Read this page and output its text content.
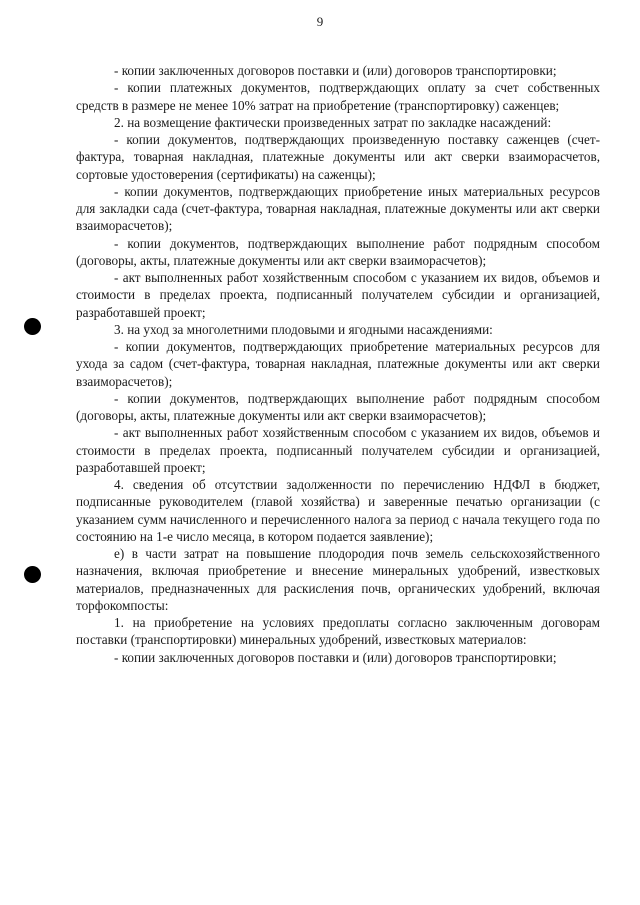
9

- копии заключенных договоров поставки и (или) договоров транспортировки;

- копии платежных документов, подтверждающих оплату за счет собственных средств в размере не менее 10% затрат на приобретение (транспортировку) саженцев;

2. на возмещение фактически произведенных затрат по закладке насаждений:

- копии документов, подтверждающих произведенную поставку саженцев (счет-фактура, товарная накладная, платежные документы или акт сверки взаиморасчетов, сортовые удостоверения (сертификаты) на саженцы);

- копии документов, подтверждающих приобретение иных материальных ресурсов для закладки сада (счет-фактура, товарная накладная, платежные документы или акт сверки взаиморасчетов);

- копии документов, подтверждающих выполнение работ подрядным способом (договоры, акты, платежные документы или акт сверки взаиморасчетов);

- акт выполненных работ хозяйственным способом с указанием их видов, объемов и стоимости в пределах проекта, подписанный получателем субсидии и организацией, разработавшей проект;

3. на уход за многолетними плодовыми и ягодными насаждениями:

- копии документов, подтверждающих приобретение материальных ресурсов для ухода за садом (счет-фактура, товарная накладная, платежные документы или акт сверки взаиморасчетов);

- копии документов, подтверждающих выполнение работ подрядным способом (договоры, акты, платежные документы или акт сверки взаиморасчетов);

- акт выполненных работ хозяйственным способом с указанием их видов, объемов и стоимости в пределах проекта, подписанный получателем субсидии и организацией, разработавшей проект;

4. сведения об отсутствии задолженности по перечислению НДФЛ в бюджет, подписанные руководителем (главой хозяйства) и заверенные печатью организации (с указанием сумм начисленного и перечисленного налога за период с начала текущего года по состоянию на 1-е число месяца, в котором подается заявление);

е) в части затрат на повышение плодородия почв земель сельскохозяйственного назначения, включая приобретение и внесение минеральных удобрений, известковых материалов, предназначенных для раскисления почв, органических удобрений, включая торфокомпосты:

1. на приобретение на условиях предоплаты согласно заключенным договорам поставки (транспортировки) минеральных удобрений, известковых материалов:

- копии заключенных договоров поставки и (или) договоров транспортировки;
